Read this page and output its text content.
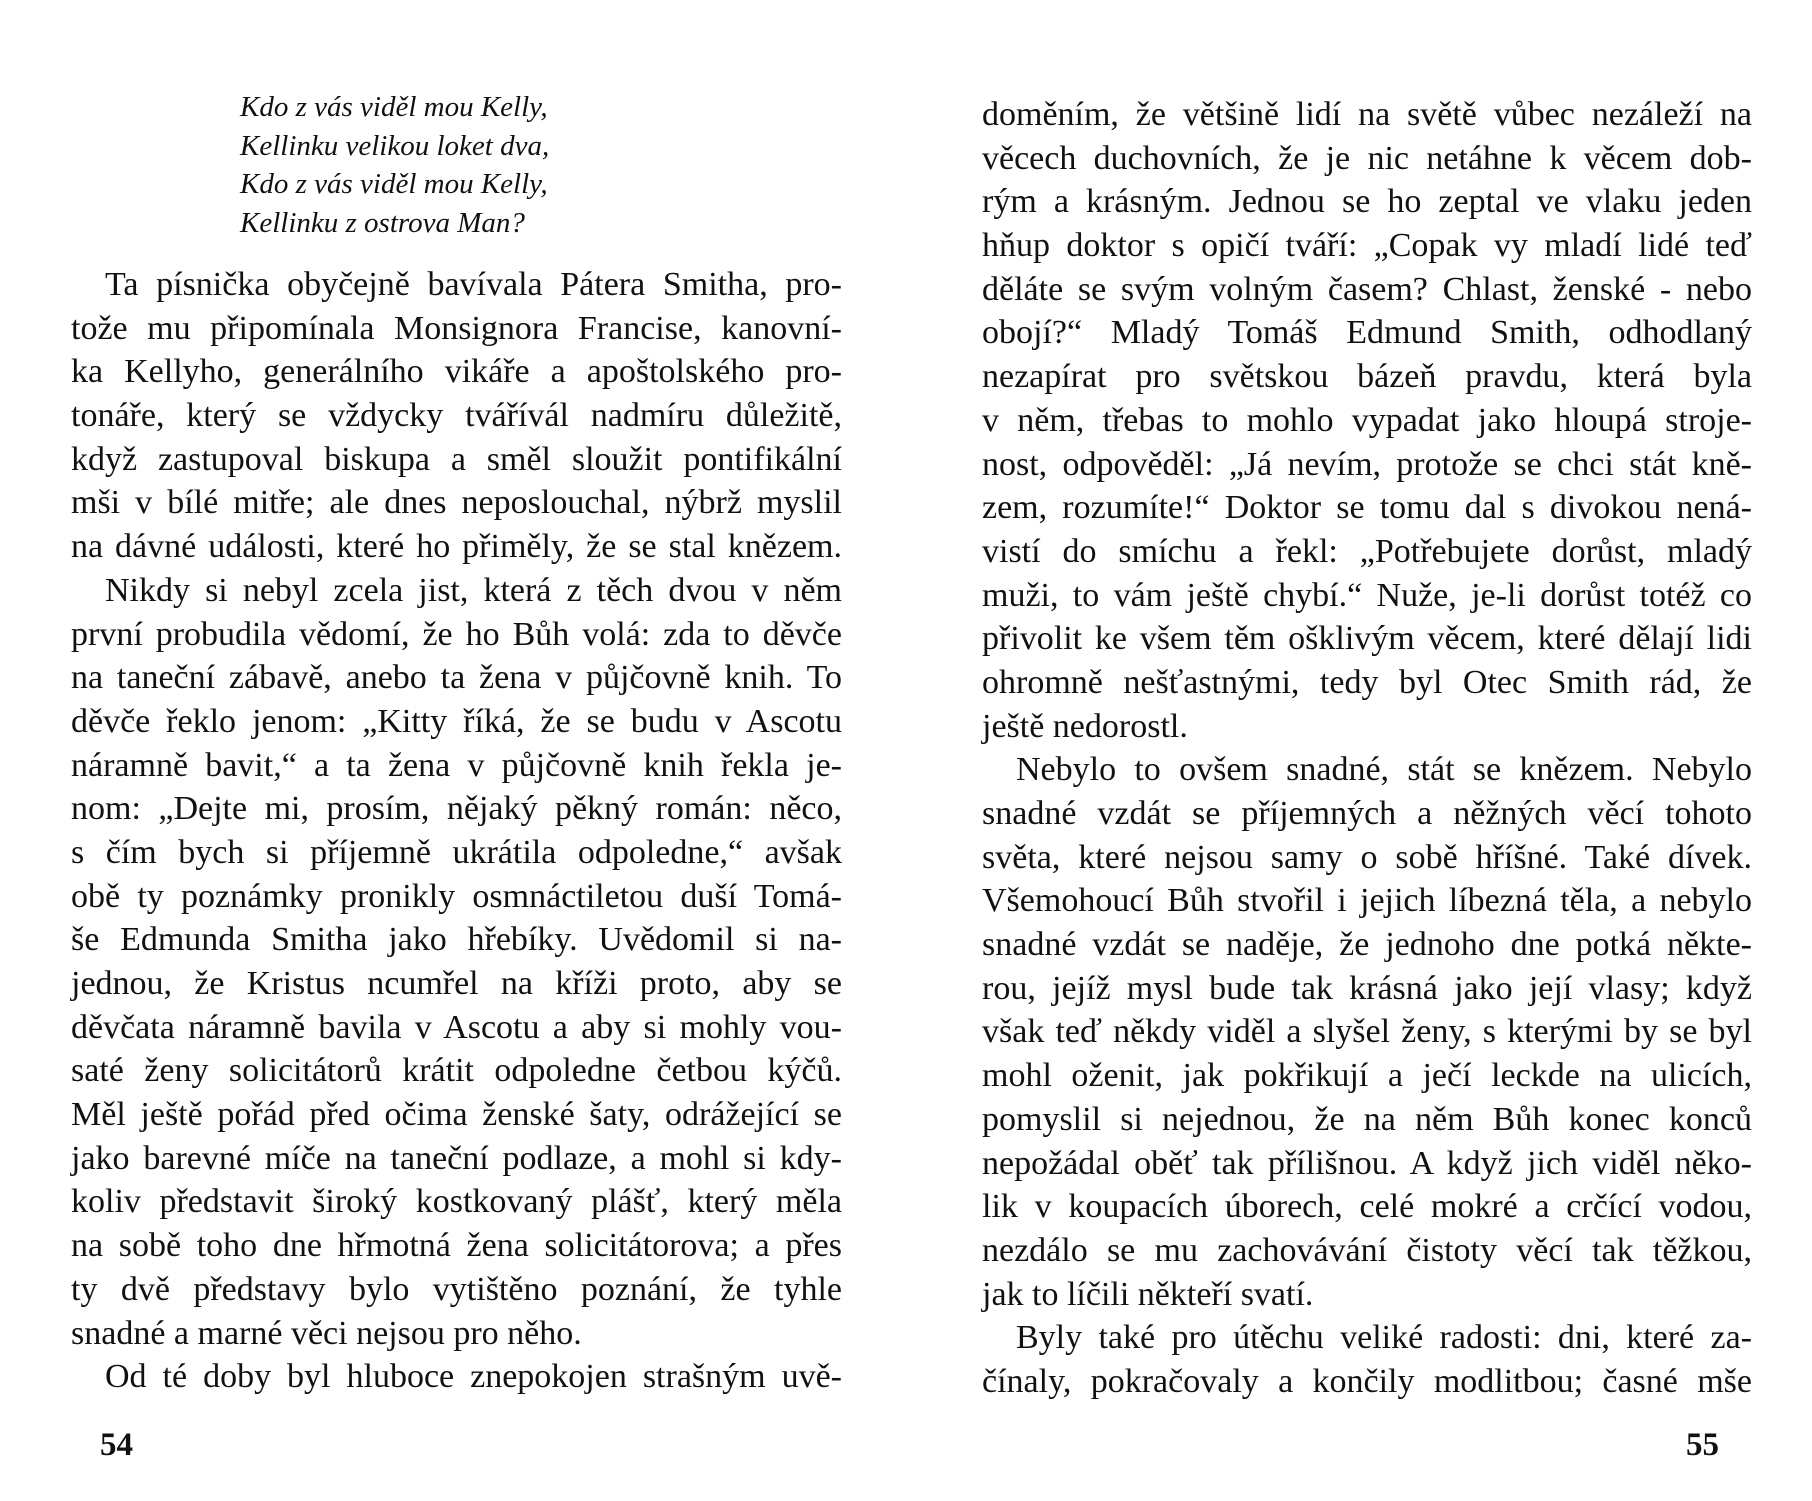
Kdo z vás viděl mou Kelly,
Kellinku velikou loket dva,
Kdo z vás viděl mou Kelly,
Kellinku z ostrova Man?
Ta písnička obyčejně bavívala Pátera Smitha, pro-
tože mu připomínala Monsignora Francise, kanovní-
ka Kellyho, generálního vikáře a apoštolského pro-
tonáře, který se vždycky tvářívál nadmíru důležitě,
když zastupoval biskupa a směl sloužit pontifikální
mši v bílé mitře; ale dnes neposlouchal, nýbrž myslil
na dávné události, které ho přiměly, že se stal knězem.
Nikdy si nebyl zcela jist, která z těch dvou v něm
první probudila vědomí, že ho Bůh volá: zda to děvče
na taneční zábavě, anebo ta žena v půjčovně knih. To
děvče řeklo jenom: „Kitty říká, že se budu v Ascotu
náramně bavit,“ a ta žena v půjčovně knih řekla je-
nom: „Dejte mi, prosím, nějaký pěkný román: něco,
s čím bych si příjemně ukrátila odpoledne,“ avšak
obě ty poznámky pronikly osmnáctiletou duší Tomá-
še Edmunda Smitha jako hřebíky. Uvědomil si na-
jednou, že Kristus ncumřel na kříži proto, aby se
děvčata náramně bavila v Ascotu a aby si mohly vou-
saté ženy solicitátorů krátit odpoledne četbou kýčů.
Měl ještě pořád před očima ženské šaty, odrážející se
jako barevné míče na taneční podlaze, a mohl si kdy-
koliv představit široký kostkovaný plášť, který měla
na sobě toho dne hřmotná žena solicitátorova; a přes
ty dvě představy bylo vytištěno poznání, že tyhle
snadné a marné věci nejsou pro něho.
Od té doby byl hluboce znepokojen strašným uvě-
54
doměním, že většině lidí na světě vůbec nezáleží na
věcech duchovních, že je nic netáhne k věcem dob-
rým a krásným. Jednou se ho zeptal ve vlaku jeden
hňup doktor s opičí tváří: „Copak vy mladí lidé teď
děláte se svým volným časem? Chlast, ženské - nebo
obojí?“ Mladý Tomáš Edmund Smith, odhodlaný
nezapírat pro světskou bázeň pravdu, která byla
v něm, třebas to mohlo vypadat jako hloupá stroje-
nost, odpověděl: „Já nevím, protože se chci stát kně-
zem, rozumíte!“ Doktor se tomu dal s divokou nená-
vistí do smíchu a řekl: „Potřebujete dorůst, mladý
muži, to vám ještě chybí.“ Nuže, je-li dorůst totéž co
přivolit ke všem těm ošklivým věcem, které dělají lidi
ohromně nešťastnými, tedy byl Otec Smith rád, že
ještě nedorostl.
Nebylo to ovšem snadné, stát se knězem. Nebylo
snadné vzdát se příjemných a něžných věcí tohoto
světa, které nejsou samy o sobě hříšné. Také dívek.
Všemohoucí Bůh stvořil i jejich líbezná těla, a nebylo
snadné vzdát se naděje, že jednoho dne potká někte-
rou, jejíž mysl bude tak krásná jako její vlasy; když
však teď někdy viděl a slyšel ženy, s kterými by se byl
mohl oženit, jak pokřikují a ječí leckde na ulicích,
pomyslil si nejednou, že na něm Bůh konec konců
nepožádal oběť tak přílišnou. A když jich viděl něko-
lik v koupacích úborech, celé mokré a crčící vodou,
nezdálo se mu zachovávání čistoty věcí tak těžkou,
jak to líčili někteří svatí.
Byly také pro útěchu veliké radosti: dni, které za-
čínaly, pokračovaly a končily modlitbou; časné mše
55
